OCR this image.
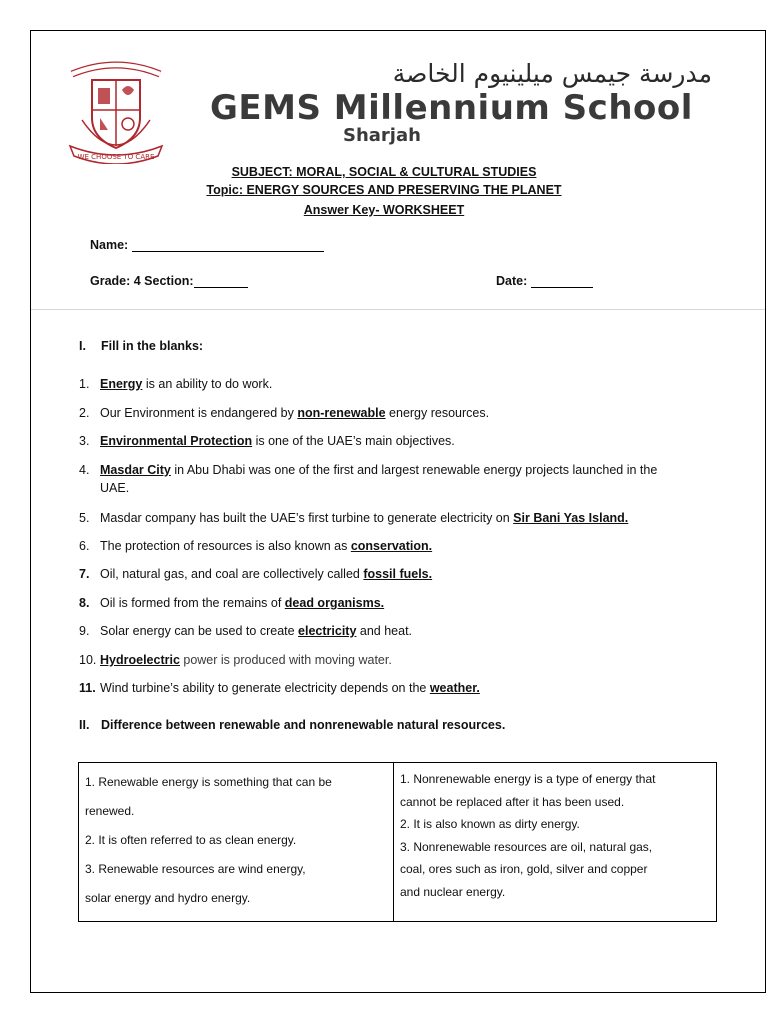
WE CHOOSE TO CARE
مدرسة جيمس ميلينيوم الخاصة
GEMS Millennium School
Sharjah
SUBJECT: MORAL, SOCIAL & CULTURAL STUDIES
Topic: ENERGY SOURCES AND PRESERVING THE PLANET
Answer Key- WORKSHEET
Name:
Grade: 4 Section:	Date:
I. Fill in the blanks:
1. Energy is an ability to do work.
2. Our Environment is endangered by non-renewable energy resources.
3. Environmental Protection is one of the UAE’s main objectives.
4. Masdar City in Abu Dhabi was one of the first and largest renewable energy projects launched in the
UAE.
5. Masdar company has built the UAE’s first turbine to generate electricity on Sir Bani Yas Island.
6. The protection of resources is also known as conservation.
7. Oil, natural gas, and coal are collectively called fossil fuels.
8. Oil is formed from the remains of dead organisms.
9. Solar energy can be used to create electricity and heat.
10. Hydroelectric power is produced with moving water.
11. Wind turbine’s ability to generate electricity depends on the weather.
II. Difference between renewable and nonrenewable natural resources.
1. Renewable energy is something that can be
renewed.
2. It is often referred to as clean energy.
3. Renewable resources are wind energy,
solar energy and hydro energy.
1. Nonrenewable energy is a type of energy that
cannot be replaced after it has been used.
2. It is also known as dirty energy.
3. Nonrenewable resources are oil, natural gas,
coal, ores such as iron, gold, silver and copper
and nuclear energy.
